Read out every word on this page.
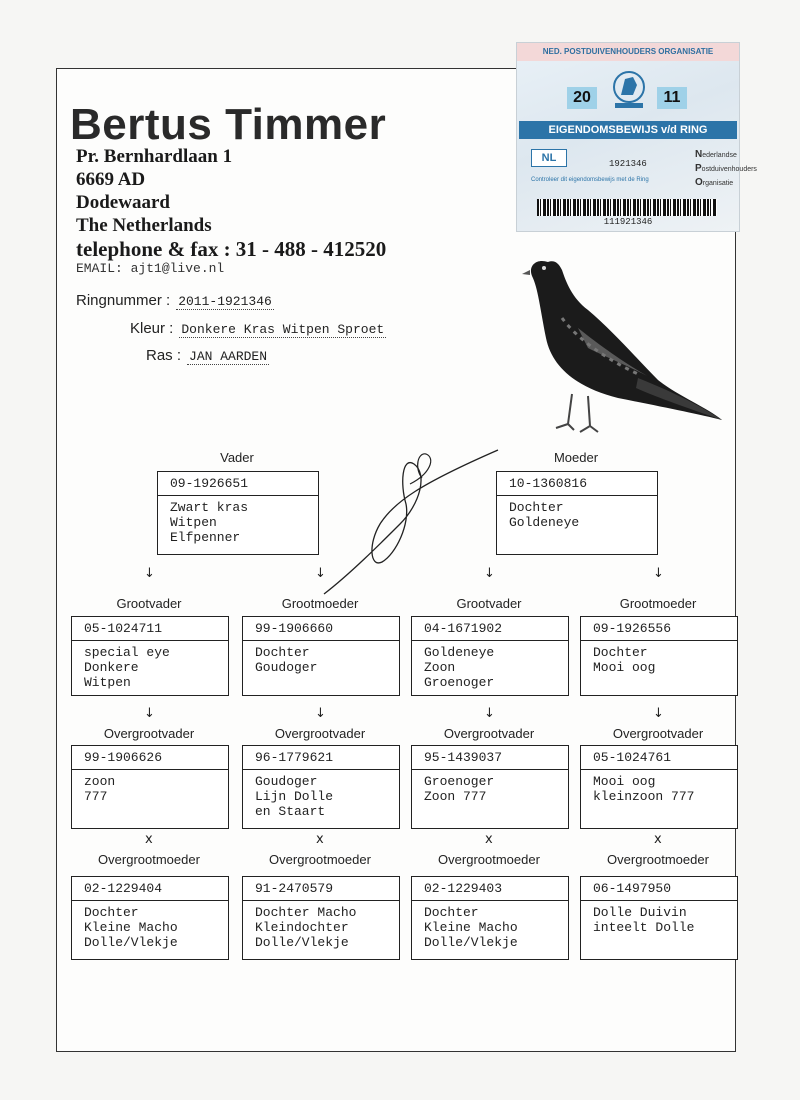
Bertus Timmer
Pr. Bernhardlaan 1
6669 AD
Dodewaard
The Netherlands
telephone & fax : 31 - 488 - 412520
EMAIL: ajt1@live.nl
Ringnummer : 2011-1921346
Kleur : Donkere Kras Witpen Sproet
Ras : JAN AARDEN
NED. POSTDUIVENHOUDERS ORGANISATIE
20	11
EIGENDOMSBEWIJS v/d RING
NL	1921346
Controleer dit eigendomsbewijs met de Ring
Nederlandse
Postduivenhouders
Organisatie
111921346
Vader
09-1926651
Zwart kras
Witpen
Elfpenner
Moeder
10-1360816
Dochter
Goldeneye
↓
Grootvader
05-1024711
special eye
Donkere
Witpen
↓
Overgrootvader
99-1906626
zoon
777
x
Overgrootmoeder
02-1229404
Dochter
Kleine Macho
Dolle/Vlekje
↓
Grootmoeder
99-1906660
Dochter
Goudoger
↓
Overgrootvader
96-1779621
Goudoger
Lijn Dolle
en Staart
x
Overgrootmoeder
91-2470579
Dochter Macho
Kleindochter
Dolle/Vlekje
↓
Grootvader
04-1671902
Goldeneye
Zoon
Groenoger
↓
Overgrootvader
95-1439037
Groenoger
Zoon 777
x
Overgrootmoeder
02-1229403
Dochter
Kleine Macho
Dolle/Vlekje
↓
Grootmoeder
09-1926556
Dochter
Mooi oog
↓
Overgrootvader
05-1024761
Mooi oog
kleinzoon 777
x
Overgrootmoeder
06-1497950
Dolle Duivin
inteelt Dolle
